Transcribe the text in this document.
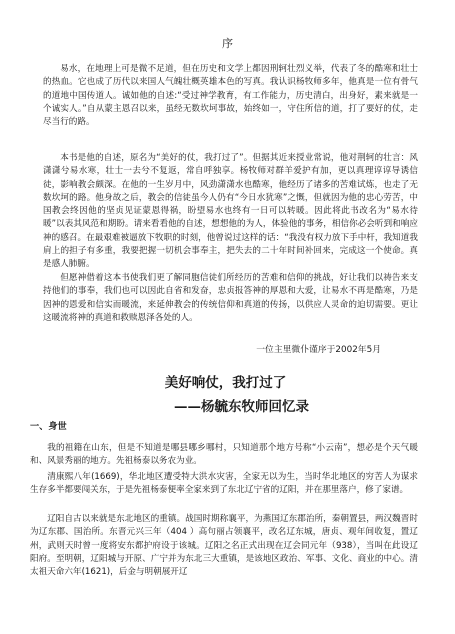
序

易水，在地理上可是微不足道，但在历史和文学上都因刑轲壮烈义举，代表了冬的酷寒和壮士的热血。它也成了历代以来国人气魄壮概英雄本色的写真。我认识杨牧师多年，他真是一位有骨气的道地中国传道人。诚如他的自述:“受过神学教育，有工作能力，历史清白，出身好，素来就是一个诚实人。”自从蒙主恩召以来，虽经无数坎坷事故，始终如一，守住所信的道，打了要好的仗，走尽当行的路。

本书是他的自述，原名为“美好的仗，我打过了”。但据其近来授业常说，他对荆轲的壮言：风潇潇兮易水寒，壮士一去兮不复返，常自呼独享。杨牧师对群羊爱护有加，更以真理谆谆导诱信徒，影响教会颇深。在他的一生岁月中，风劲潇潇水也酷寒，他经历了诸多的苦难试炼，也走了无数坎坷的路。他身故之后，教会的信徒虽今人仍有“今日水犹寒”之慨，但就因为他的忠心劳苦，中国教会终因他的坚贞见证蒙恩得祸，盼望易水也终有一日可以转暖。因此将此书改名为“易水待暖”以表其风范和期盼。请来看看他的自述，想想他的为人，体验他的事务，相信你必会听到和响应神的感召。在最艰难被逼放下牧职的时刻，他曾说过这样的话：“我没有权力放下手中杆，我知道我肩上的担子有多重，我要把握一切机会事奉主，把失去的二十年时间补回来，完成这一个使命。真是感人肺腑。

但愿神借着这本书使我们更了解同胞信徒们所经历的苦难和信仰的挑战，好让我们以祷告来支持他们的事奉，我们也可以因此自省和发奋，忠贞报答神的厚恩和大爱，让易水不再是酷寒，乃是因神的恩爱和信实而暖流，来延伸教会的传统信仰和真道的传扬，以供应人灵命的迫切需要。更让这暖流将神的真道和救赎恩泽各处的人。

一位主里微仆谨序于2002年5月
美好响仗，我打过了
——杨毓东牧师回忆录
一、身世

我的祖籍在山东，但是不知道是哪县哪乡哪村，只知道那个地方号称“小云南”，想必是个天气暖和、风景秀丽的地方。先祖杨泰以务农为业。

清康熙八年(1669)，华北地区遭受特大洪水灾害，全家无以为生，当时华北地区的穷苦人为谋求生存多半都要闯关东，于是先祖杨泰便率全家来到了东北辽宁省的辽阳，并在那里落户，修了家谱。

辽阳自古以来就是东北地区的重镇。战国时期称襄平，为燕国辽东郡治所，秦朝置县，两汉魏晋时为辽东郡、国治所。东晋元兴三年（404 ）高句丽占领襄平，改名辽东城，唐贞、观年间收复，置辽州，武则天时曾一度将安东都护府设于该城。辽阳之名正式出现在辽会同元年（938），当叫在此设辽阳府。至明朝，辽阳城与开原、广宁并为东北三大重镇，是该地区政治、军事、文化、商业的中心。清太祖天命六年(1621)，后金与明朝展开辽
